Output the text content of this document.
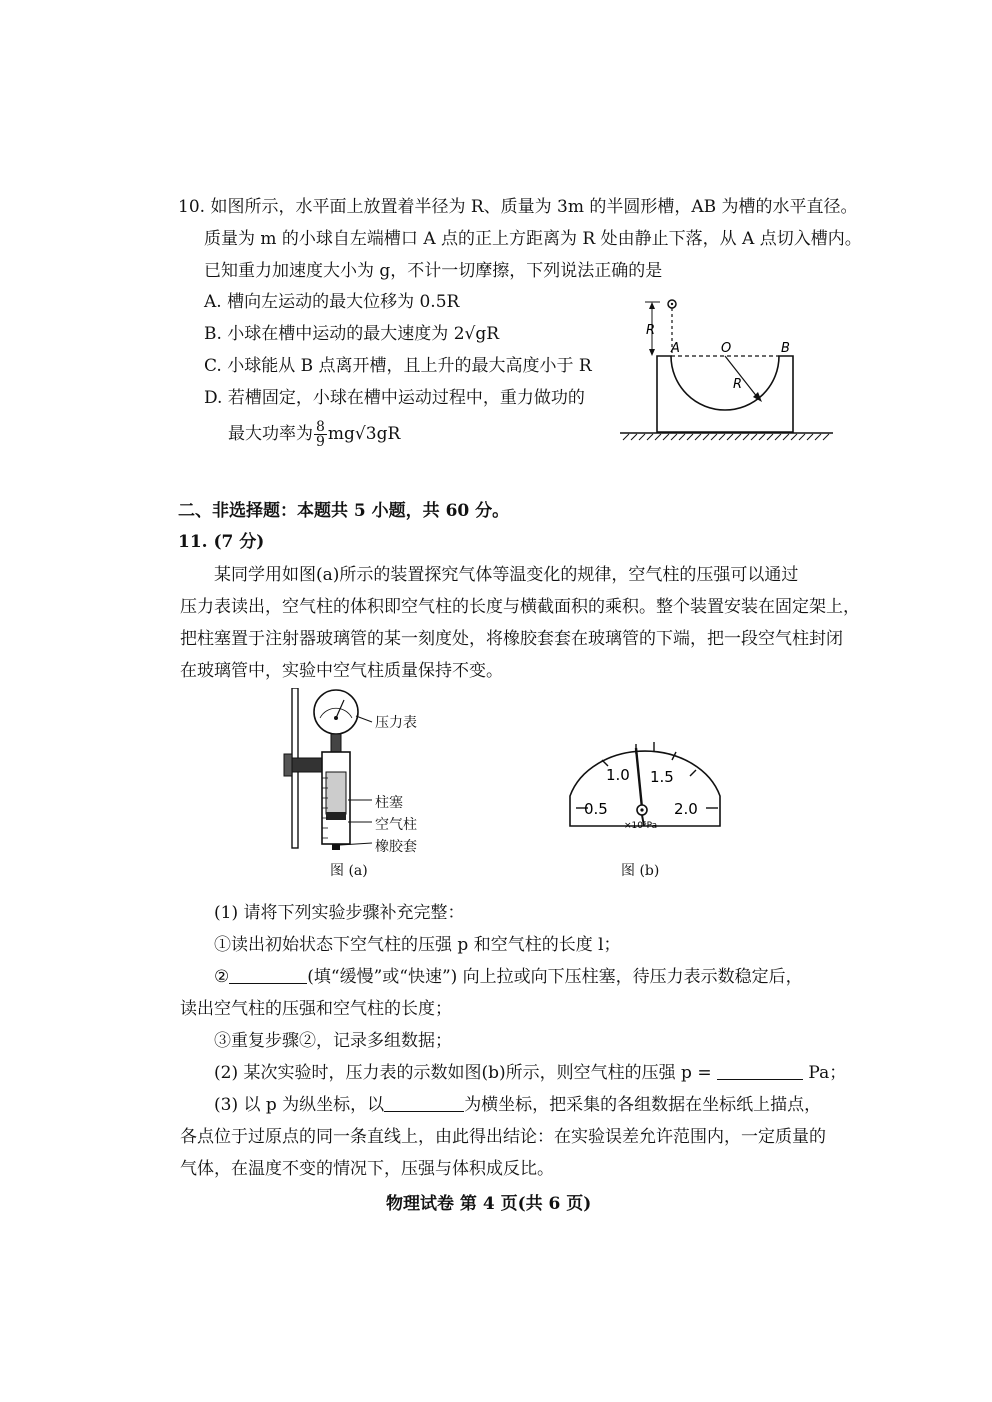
10. 如图所示，水平面上放置着半径为 R、质量为 3m 的半圆形槽，AB 为槽的水平直径。
质量为 m 的小球自左端槽口 A 点的正上方距离为 R 处由静止下落，从 A 点切入槽内。
已知重力加速度大小为 g，不计一切摩擦，下列说法正确的是
A. 槽向左运动的最大位移为 0.5R
B. 小球在槽中运动的最大速度为 2√gR
C. 小球能从 B 点离开槽，且上升的最大高度小于 R
D. 若槽固定，小球在槽中运动过程中，重力做功的
最大功率为 $\frac{8}{9} mg√3gR$
R
R
A	O	B
二、非选择题：本题共 5 小题，共 60 分。
11. (7 分)
某同学用如图(a)所示的装置探究气体等温变化的规律，空气柱的压强可以通过
压力表读出，空气柱的体积即空气柱的长度与横截面积的乘积。整个装置安装在固定架上，
把柱塞置于注射器玻璃管的某一刻度处，将橡胶套套在玻璃管的下端，把一段空气柱封闭
在玻璃管中，实验中空气柱质量保持不变。
压力表
柱塞
空气柱
橡胶套
图 (a)
1.0 1.5
0.5	2.0
×10⁵Pa
图 (b)
(1) 请将下列实验步骤补充完整：
①读出初始状态下空气柱的压强 p 和空气柱的长度 l；
②	(填“缓慢”或“快速”) 向上拉或向下压柱塞，待压力表示数稳定后，
读出空气柱的压强和空气柱的长度；
③重复步骤②，记录多组数据；
(2) 某次实验时，压力表的示数如图(b)所示，则空气柱的压强 p =	Pa；
(3) 以 p 为纵坐标，以	为横坐标，把采集的各组数据在坐标纸上描点，
各点位于过原点的同一条直线上，由此得出结论：在实验误差允许范围内，一定质量的
气体，在温度不变的情况下，压强与体积成反比。
物理试卷 第 4 页(共 6 页)
